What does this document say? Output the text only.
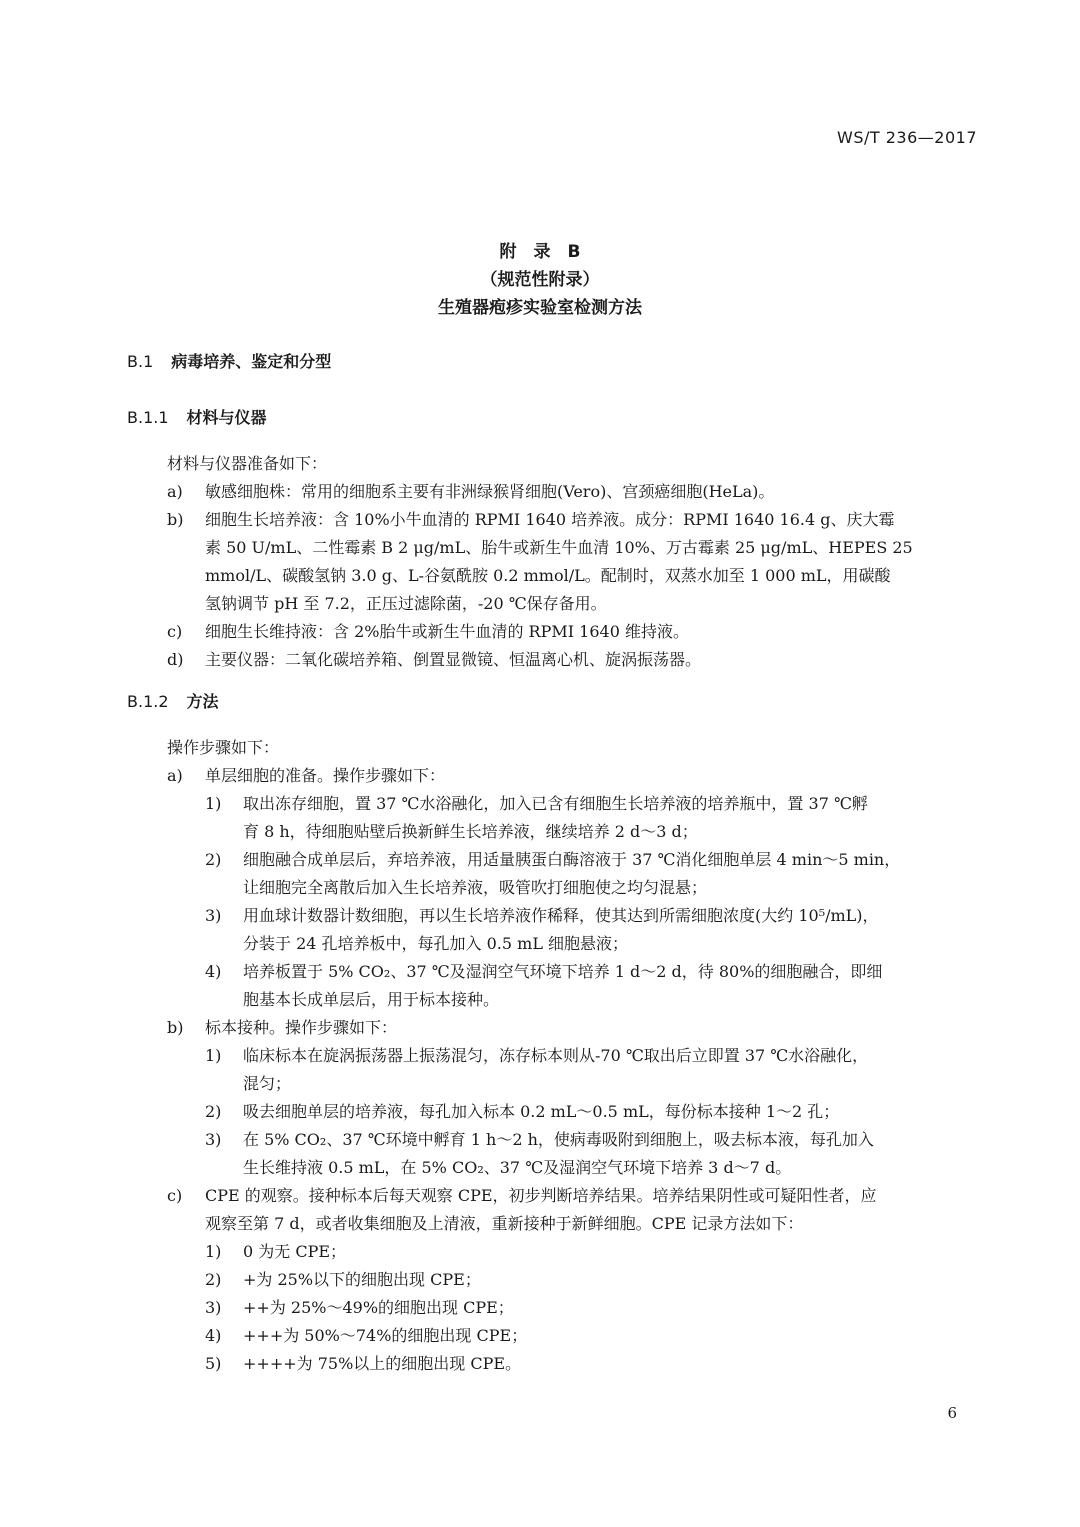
WS/T 236—2017
附　录　B
（规范性附录）
生殖器疱疹实验室检测方法
B.1 病毒培养、鉴定和分型
B.1.1 材料与仪器
材料与仪器准备如下：
a) 敏感细胞株：常用的细胞系主要有非洲绿猴肾细胞(Vero)、宫颈癌细胞(HeLa)。
b) 细胞生长培养液：含 10%小牛血清的 RPMI 1640 培养液。成分：RPMI 1640 16.4 g、庆大霉
素 50 U/mL、二性霉素 B 2 μg/mL、胎牛或新生牛血清 10%、万古霉素 25 μg/mL、HEPES 25
mmol/L、碳酸氢钠 3.0 g、L-谷氨酰胺 0.2 mmol/L。配制时，双蒸水加至 1 000 mL，用碳酸
氢钠调节 pH 至 7.2，正压过滤除菌，-20 ℃保存备用。
c) 细胞生长维持液：含 2%胎牛或新生牛血清的 RPMI 1640 维持液。
d) 主要仪器：二氧化碳培养箱、倒置显微镜、恒温离心机、旋涡振荡器。
B.1.2 方法
操作步骤如下：
a) 单层细胞的准备。操作步骤如下：
1) 取出冻存细胞，置 37 ℃水浴融化，加入已含有细胞生长培养液的培养瓶中，置 37 ℃孵
育 8 h，待细胞贴壁后换新鲜生长培养液，继续培养 2 d～3 d；
2) 细胞融合成单层后，弃培养液，用适量胰蛋白酶溶液于 37 ℃消化细胞单层 4 min～5 min，
让细胞完全离散后加入生长培养液，吸管吹打细胞使之均匀混悬；
3) 用血球计数器计数细胞，再以生长培养液作稀释，使其达到所需细胞浓度(大约 10⁵/mL)，
分装于 24 孔培养板中，每孔加入 0.5 mL 细胞悬液；
4) 培养板置于 5% CO₂、37 ℃及湿润空气环境下培养 1 d～2 d，待 80%的细胞融合，即细
胞基本长成单层后，用于标本接种。
b) 标本接种。操作步骤如下：
1) 临床标本在旋涡振荡器上振荡混匀，冻存标本则从-70 ℃取出后立即置 37 ℃水浴融化，
混匀；
2) 吸去细胞单层的培养液，每孔加入标本 0.2 mL～0.5 mL，每份标本接种 1～2 孔；
3) 在 5% CO₂、37 ℃环境中孵育 1 h～2 h，使病毒吸附到细胞上，吸去标本液，每孔加入
生长维持液 0.5 mL，在 5% CO₂、37 ℃及湿润空气环境下培养 3 d～7 d。
c) CPE 的观察。接种标本后每天观察 CPE，初步判断培养结果。培养结果阴性或可疑阳性者，应
观察至第 7 d，或者收集细胞及上清液，重新接种于新鲜细胞。CPE 记录方法如下：
1) 0 为无 CPE；
2) +为 25%以下的细胞出现 CPE；
3) ++为 25%～49%的细胞出现 CPE；
4) +++为 50%～74%的细胞出现 CPE；
5) ++++为 75%以上的细胞出现 CPE。
6
